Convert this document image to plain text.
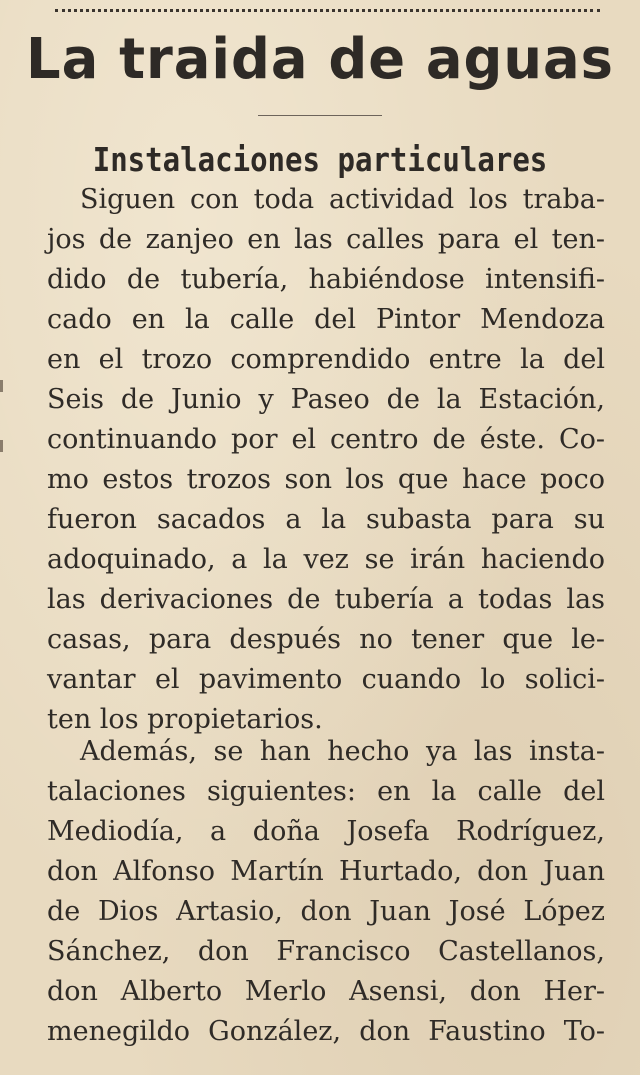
La traida de aguas
Instalaciones particulares
Siguen con toda actividad los traba-
jos de zanjeo en las calles para el ten-
dido de tubería, habiéndose intensifi-
cado en la calle del Pintor Mendoza
en el trozo comprendido entre la del
Seis de Junio y Paseo de la Estación,
continuando por el centro de éste. Co-
mo estos trozos son los que hace poco
fueron sacados a la subasta para su
adoquinado, a la vez se irán haciendo
las derivaciones de tubería a todas las
casas, para después no tener que le-
vantar el pavimento cuando lo solici-
ten los propietarios.
Además, se han hecho ya las insta-
talaciones siguientes: en la calle del
Mediodía, a doña Josefa Rodríguez,
don Alfonso Martín Hurtado, don Juan
de Dios Artasio, don Juan José López
Sánchez, don Francisco Castellanos,
don Alberto Merlo Asensi, don Her-
menegildo González, don Faustino To-
